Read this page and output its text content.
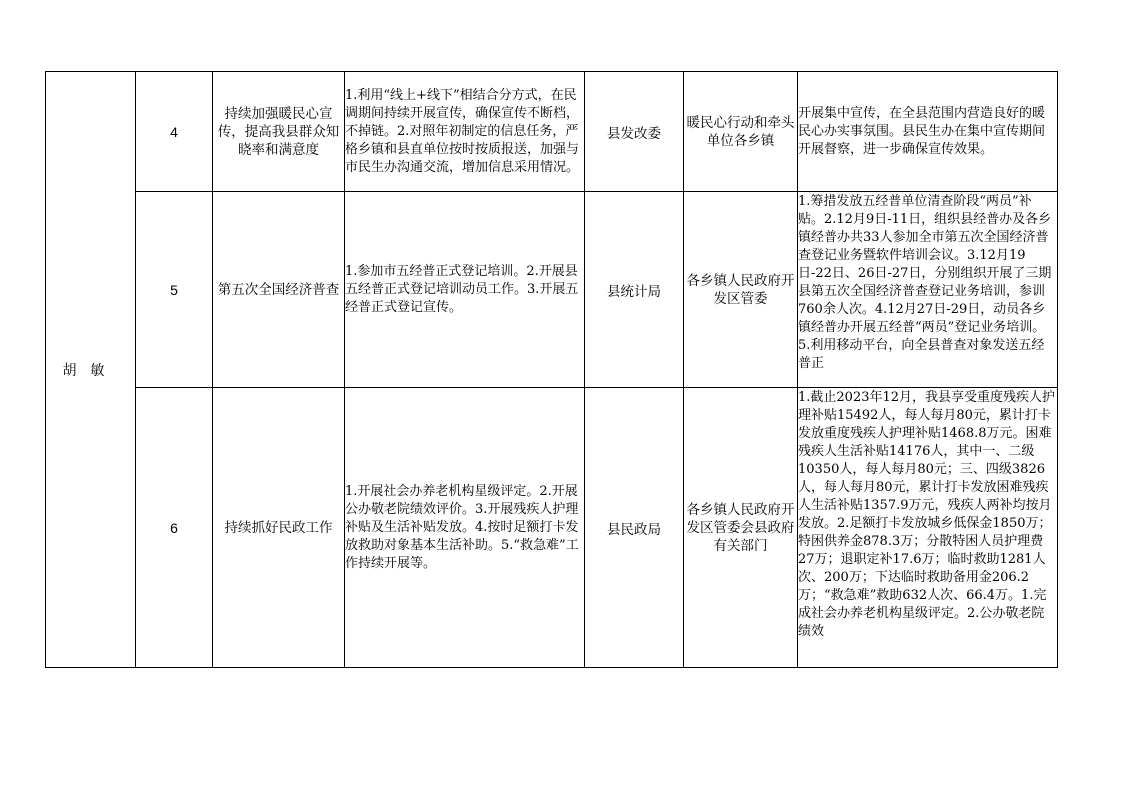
胡敏	4	持续加强暖民心宣传，提高我县群众知晓率和满意度	1.利用“线上+线下”相结合分方式，在民调期间持续开展宣传，确保宣传不断档，不掉链。2.对照年初制定的信息任务，严格乡镇和县直单位按时按质报送，加强与市民生办沟通交流，增加信息采用情况。	县发改委	暖民心行动和牵头单位各乡镇	开展集中宣传，在全县范围内营造良好的暖民心办实事氛围。县民生办在集中宣传期间开展督察，进一步确保宣传效果。
	5	第五次全国经济普查	1.参加市五经普正式登记培训。2.开展县五经普正式登记培训动员工作。3.开展五经普正式登记宣传。	县统计局	各乡镇人民政府开发区管委	1.筹措发放五经普单位清查阶段“两员”补贴。2.12月9日-11日，组织县经普办及各乡镇经普办共33人参加全市第五次全国经济普查登记业务暨软件培训会议。3.12月19日-22日、26日-27日，分别组织开展了三期县第五次全国经济普查登记业务培训，参训760余人次。4.12月27日-29日，动员各乡镇经普办开展五经普“两员”登记业务培训。5.利用移动平台，向全县普查对象发送五经普正

	6	持续抓好民政工作	1.开展社会办养老机构星级评定。2.开展公办敬老院绩效评价。3.开展残疾人护理补贴及生活补贴发放。4.按时足额打卡发放救助对象基本生活补助。5.“救急难”工作持续开展等。	县民政局	各乡镇人民政府开发区管委会县政府有关部门	1.截止2023年12月，我县享受重度残疾人护理补贴15492人，每人每月80元，累计打卡发放重度残疾人护理补贴1468.8万元。困难残疾人生活补贴14176人，其中一、二级10350人，每人每月80元；三、四级3826人，每人每月80元，累计打卡发放困难残疾人生活补贴1357.9万元，残疾人两补均按月发放。2.足额打卡发放城乡低保金1850万；特困供养金878.3万；分散特困人员护理费27万；退职定补17.6万；临时救助1281人次、200万；下达临时救助备用金206.2万；“救急难”救助632人次、66.4万。1.完成社会办养老机构星级评定。2.公办敬老院绩效
